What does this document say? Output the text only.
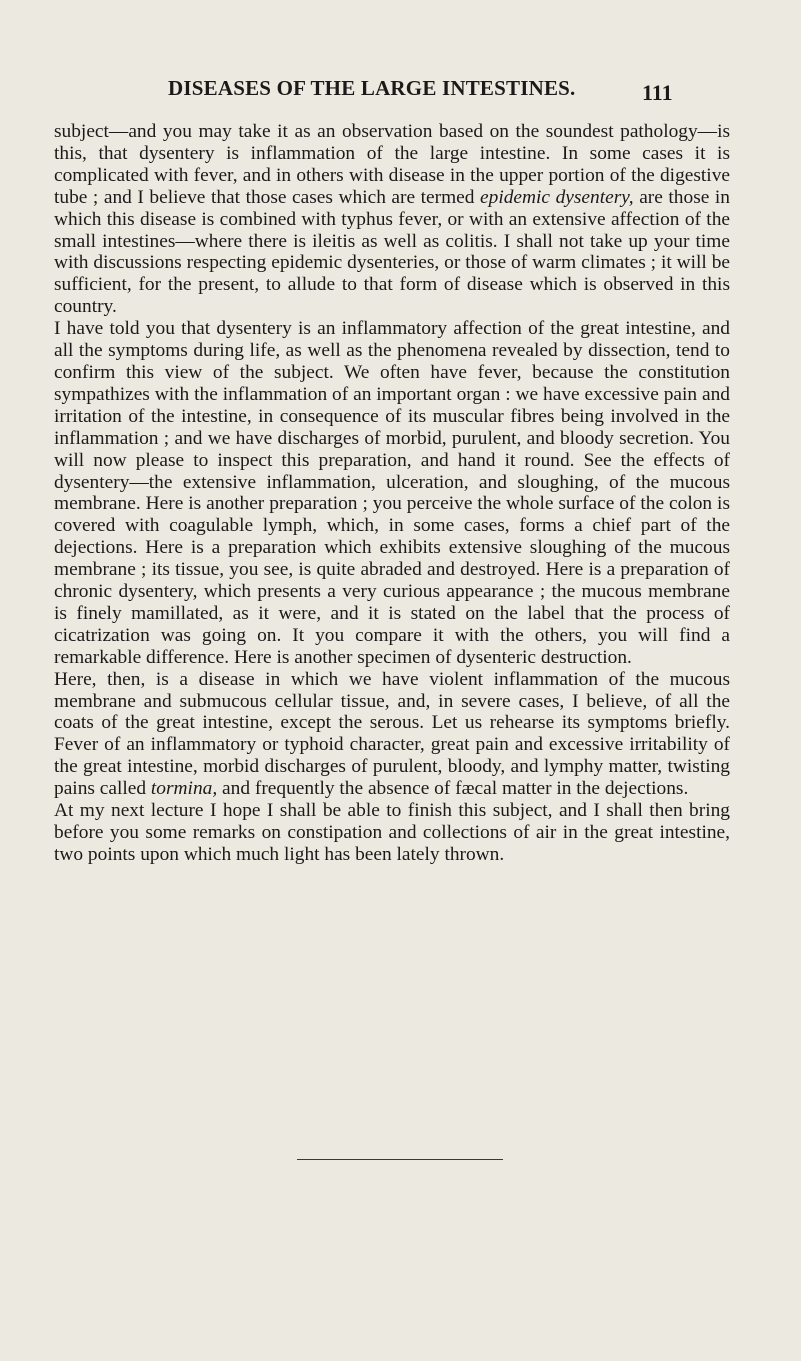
DISEASES OF THE LARGE INTESTINES.	111

subject—and you may take it as an observation based on the soundest pathology—is this, that dysentery is inflammation of the large intestine. In some cases it is complicated with fever, and in others with disease in the upper portion of the digestive tube ; and I believe that those cases which are termed epidemic dysentery, are those in which this disease is combined with typhus fever, or with an extensive affection of the small intestines—where there is ileitis as well as colitis. I shall not take up your time with discussions respecting epidemic dysenteries, or those of warm climates ; it will be sufficient, for the present, to allude to that form of disease which is observed in this country.

I have told you that dysentery is an inflammatory affection of the great intestine, and all the symptoms during life, as well as the phenomena revealed by dissection, tend to confirm this view of the subject. We often have fever, because the constitution sympathizes with the inflammation of an important organ : we have excessive pain and irritation of the intestine, in consequence of its muscular fibres being involved in the inflammation ; and we have discharges of morbid, purulent, and bloody secretion. You will now please to inspect this preparation, and hand it round. See the effects of dysentery—the extensive inflammation, ulceration, and sloughing, of the mucous membrane. Here is another preparation ; you perceive the whole surface of the colon is covered with coagulable lymph, which, in some cases, forms a chief part of the dejections. Here is a preparation which exhibits extensive sloughing of the mucous membrane ; its tissue, you see, is quite abraded and destroyed. Here is a preparation of chronic dysentery, which presents a very curious appearance ; the mucous membrane is finely mamillated, as it were, and it is stated on the label that the process of cicatrization was going on. It you compare it with the others, you will find a remarkable difference. Here is another specimen of dysenteric destruction.

Here, then, is a disease in which we have violent inflammation of the mucous membrane and submucous cellular tissue, and, in severe cases, I believe, of all the coats of the great intestine, except the serous. Let us rehearse its symptoms briefly. Fever of an inflammatory or typhoid character, great pain and excessive irritability of the great intestine, morbid discharges of purulent, bloody, and lymphy matter, twisting pains called tormina, and frequently the absence of fæcal matter in the dejections.

At my next lecture I hope I shall be able to finish this subject, and I shall then bring before you some remarks on constipation and collections of air in the great intestine, two points upon which much light has been lately thrown.
